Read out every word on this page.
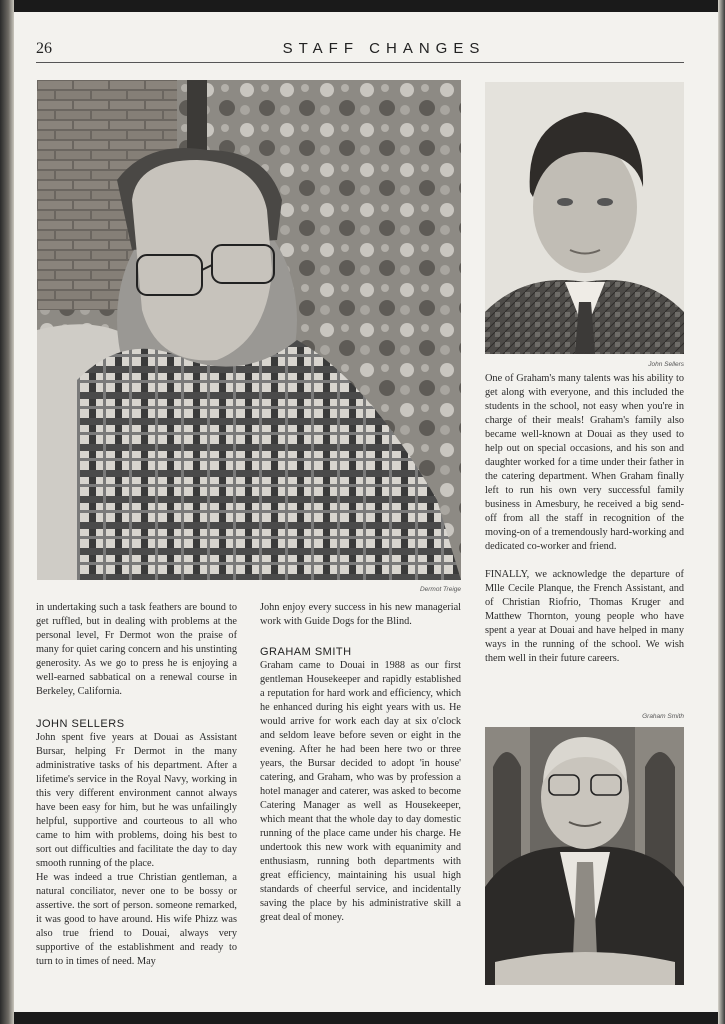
26	STAFF CHANGES
Dermot Treige
John Sellers
Graham Smith

in undertaking such a task feathers are bound to get ruffled, but in dealing with problems at the personal level, Fr Dermot won the praise of many for quiet caring concern and his unstinting generosity. As we go to press he is enjoying a well-earned sabbatical on a renewal course in Berkeley, California.

JOHN SELLERS

John spent five years at Douai as Assistant Bursar, helping Fr Dermot in the many administrative tasks of his department. After a lifetime's service in the Royal Navy, working in this very different environment cannot always have been easy for him, but he was unfailingly helpful, supportive and courteous to all who came to him with problems, doing his best to sort out difficulties and facilitate the day to day smooth running of the place.

He was indeed a true Christian gentleman, a natural conciliator, never one to be bossy or assertive. the sort of person. someone remarked, it was good to have around. His wife Phizz was also true friend to Douai, always very supportive of the establishment and ready to turn to in times of need. May

John enjoy every success in his new managerial work with Guide Dogs for the Blind.

GRAHAM SMITH

Graham came to Douai in 1988 as our first gentleman Housekeeper and rapidly established a reputation for hard work and efficiency, which he enhanced during his eight years with us. He would arrive for work each day at six o'clock and seldom leave before seven or eight in the evening. After he had been here two or three years, the Bursar decided to adopt 'in house' catering, and Graham, who was by profession a hotel manager and caterer, was asked to become Catering Manager as well as Housekeeper, which meant that the whole day to day domestic running of the place came under his charge. He undertook this new work with equanimity and enthusiasm, running both departments with great efficiency, maintaining his usual high standards of cheerful service, and incidentally saving the place by his administrative skill a great deal of money.

One of Graham's many talents was his ability to get along with everyone, and this included the students in the school, not easy when you're in charge of their meals! Graham's family also became well-known at Douai as they used to help out on special occasions, and his son and daughter worked for a time under their father in the catering department. When Graham finally left to run his own very successful family business in Amesbury, he received a big send-off from all the staff in recognition of the moving-on of a tremendously hard-working and dedicated co-worker and friend.

FINALLY, we acknowledge the departure of Mlle Cecile Planque, the French Assistant, and of Christian Riofrio, Thomas Kruger and Matthew Thornton, young people who have spent a year at Douai and have helped in many ways in the running of the school. We wish them well in their future careers.
